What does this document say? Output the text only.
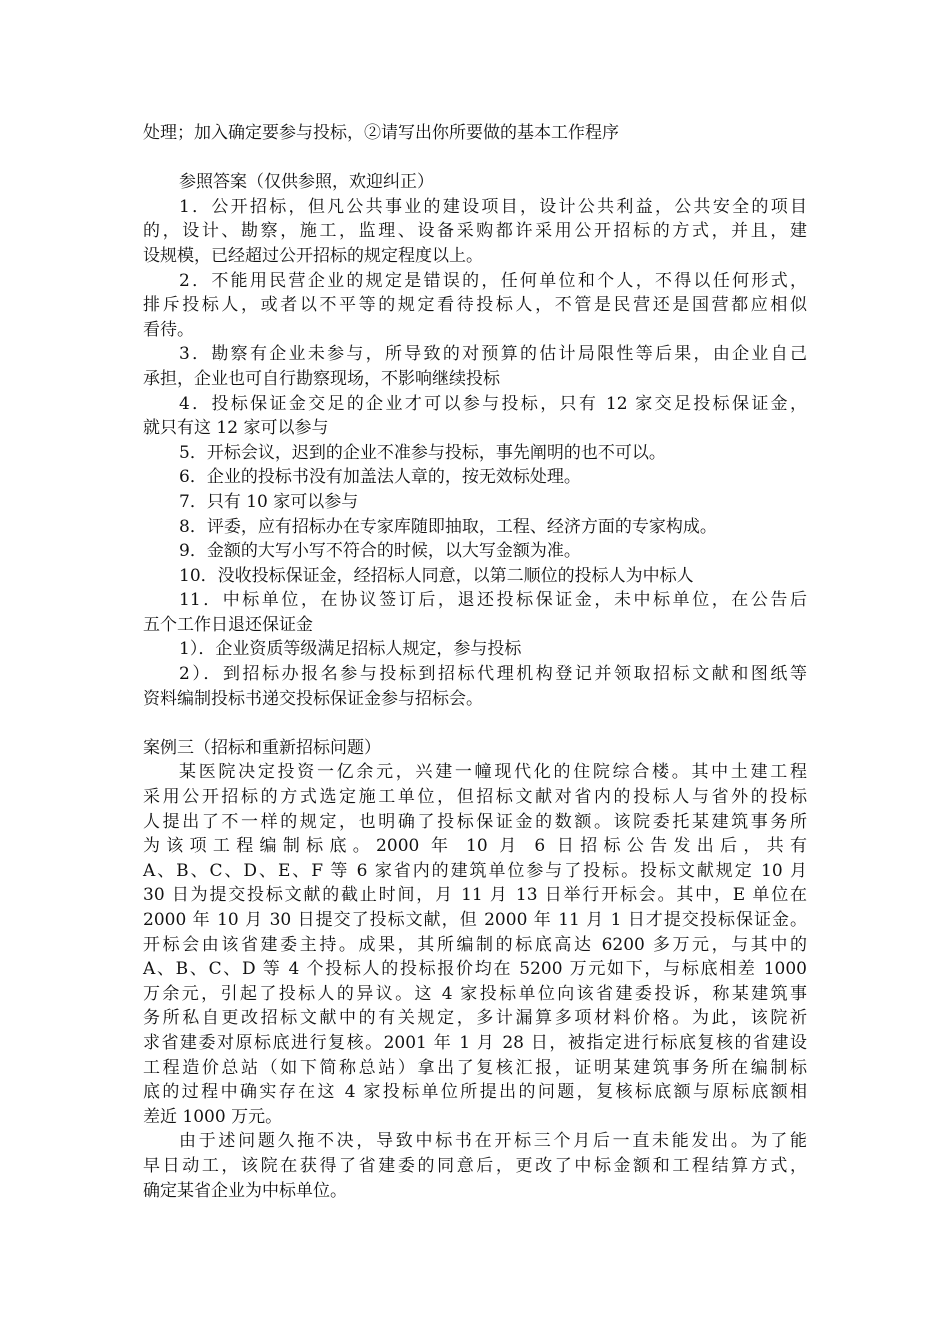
处理；加入确定要参与投标，②请写出你所要做的基本工作程序
参照答案（仅供参照，欢迎纠正）
1．公开招标，但凡公共事业的建设项目，设计公共利益，公共安全的项目
的，设计、勘察，施工，监理、设备采购都许采用公开招标的方式，并且，建
设规模，已经超过公开招标的规定程度以上。
2．不能用民营企业的规定是错误的，任何单位和个人，不得以任何形式，
排斥投标人，或者以不平等的规定看待投标人，不管是民营还是国营都应相似
看待。
3．勘察有企业未参与，所导致的对预算的估计局限性等后果，由企业自己
承担，企业也可自行勘察现场，不影响继续投标
4．投标保证金交足的企业才可以参与投标，只有 12 家交足投标保证金，
就只有这 12 家可以参与
5．开标会议，迟到的企业不准参与投标，事先阐明的也不可以。
6．企业的投标书没有加盖法人章的，按无效标处理。
7．只有 10 家可以参与
8．评委，应有招标办在专家库随即抽取，工程、经济方面的专家构成。
9．金额的大写小写不符合的时候，以大写金额为准。
10．没收投标保证金，经招标人同意，以第二顺位的投标人为中标人
11．中标单位，在协议签订后，退还投标保证金，未中标单位，在公告后
五个工作日退还保证金
1）．企业资质等级满足招标人规定，参与投标
2）．到招标办报名参与投标到招标代理机构登记并领取招标文献和图纸等
资料编制投标书递交投标保证金参与招标会。
案例三（招标和重新招标问题）
某医院决定投资一亿余元，兴建一幢现代化的住院综合楼。其中土建工程
采用公开招标的方式选定施工单位，但招标文献对省内的投标人与省外的投标
人提出了不一样的规定，也明确了投标保证金的数额。该院委托某建筑事务所
为该项工程编制标底。2000 年 10 月 6 日招标公告发出后，共有
A、B、C、D、E、F 等 6 家省内的建筑单位参与了投标。投标文献规定 10 月
30 日为提交投标文献的截止时间，月 11 月 13 日举行开标会。其中，E 单位在
2000 年 10 月 30 日提交了投标文献，但 2000 年 11 月 1 日才提交投标保证金。
开标会由该省建委主持。成果，其所编制的标底高达 6200 多万元，与其中的
A、B、C、D 等 4 个投标人的投标报价均在 5200 万元如下，与标底相差 1000
万余元，引起了投标人的异议。这 4 家投标单位向该省建委投诉，称某建筑事
务所私自更改招标文献中的有关规定，多计漏算多项材料价格。为此，该院祈
求省建委对原标底进行复核。2001 年 1 月 28 日，被指定进行标底复核的省建设
工程造价总站（如下简称总站）拿出了复核汇报，证明某建筑事务所在编制标
底的过程中确实存在这 4 家投标单位所提出的问题，复核标底额与原标底额相
差近 1000 万元。
由于述问题久拖不决，导致中标书在开标三个月后一直未能发出。为了能
早日动工，该院在获得了省建委的同意后，更改了中标金额和工程结算方式，
确定某省企业为中标单位。
